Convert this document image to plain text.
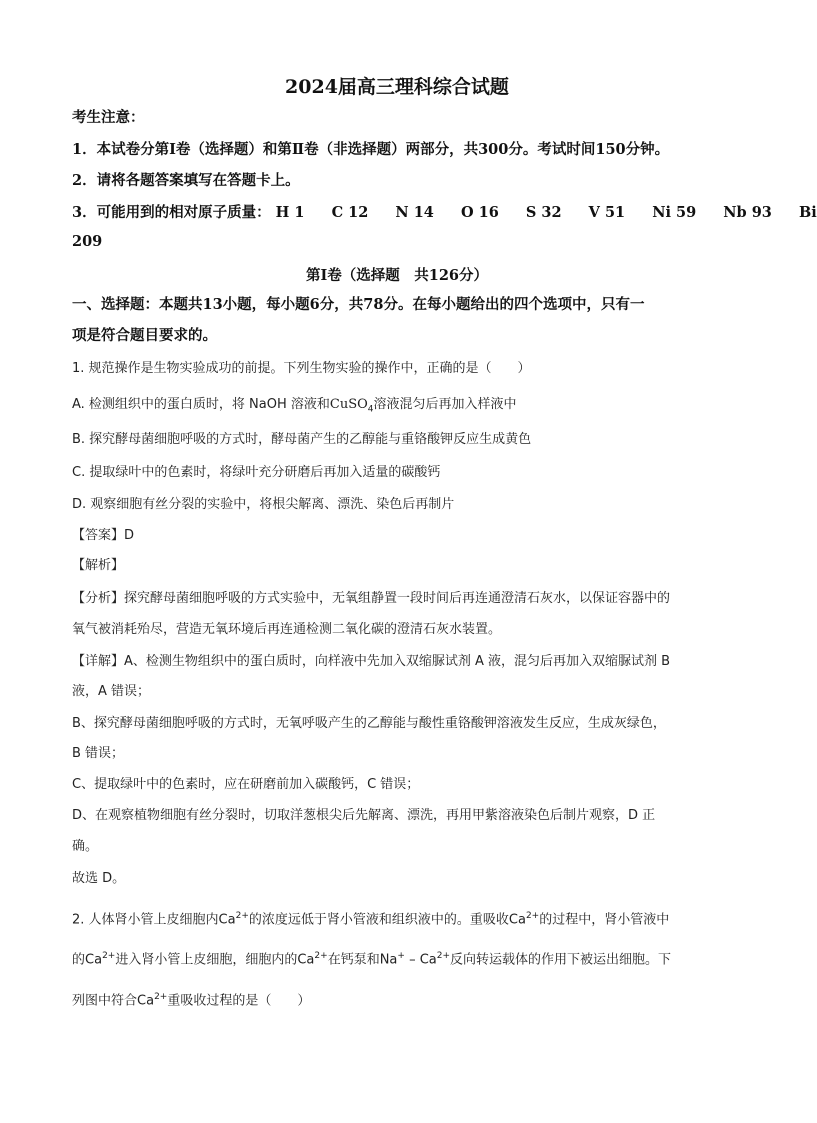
2024届高三理科综合试题
考生注意：
1．本试卷分第Ⅰ卷（选择题）和第Ⅱ卷（非选择题）两部分，共300分。考试时间150分钟。
2．请将各题答案填写在答题卡上。
3．可能用到的相对原子质量： H 1 C 12 N 14 O 16 S 32 V 51 Ni 59 Nb 93 Bi
209
第Ⅰ卷（选择题　共126分）
一、选择题：本题共13小题，每小题6分，共78分。在每小题给出的四个选项中，只有一
项是符合题目要求的。
1. 规范操作是生物实验成功的前提。下列生物实验的操作中，正确的是（　　）
A. 检测组织中的蛋白质时，将 NaOH 溶液和CuSO$_4$溶液混匀后再加入样液中
B. 探究酵母菌细胞呼吸的方式时，酵母菌产生的乙醇能与重铬酸钾反应生成黄色
C. 提取绿叶中的色素时，将绿叶充分研磨后再加入适量的碳酸钙
D. 观察细胞有丝分裂的实验中，将根尖解离、漂洗、染色后再制片
【答案】D
【解析】
【分析】探究酵母菌细胞呼吸的方式实验中，无氧组静置一段时间后再连通澄清石灰水，以保证容器中的
氧气被消耗殆尽，营造无氧环境后再连通检测二氧化碳的澄清石灰水装置。
【详解】A、检测生物组织中的蛋白质时，向样液中先加入双缩脲试剂 A 液，混匀后再加入双缩脲试剂 B
液，A 错误；
B、探究酵母菌细胞呼吸的方式时，无氧呼吸产生的乙醇能与酸性重铬酸钾溶液发生反应，生成灰绿色，
B 错误；
C、提取绿叶中的色素时，应在研磨前加入碳酸钙，C 错误；
D、在观察植物细胞有丝分裂时，切取洋葱根尖后先解离、漂洗，再用甲紫溶液染色后制片观察，D 正
确。
故选 D。
2. 人体肾小管上皮细胞内$Ca^{2+}$的浓度远低于肾小管液和组织液中的。重吸收$Ca^{2+}$的过程中，肾小管液中
的$Ca^{2+}$进入肾小管上皮细胞，细胞内的$Ca^{2+}$在钙泵和$Na^+ - Ca^{2+}$反向转运载体的作用下被运出细胞。下
列图中符合$Ca^{2+}$重吸收过程的是（　　）
